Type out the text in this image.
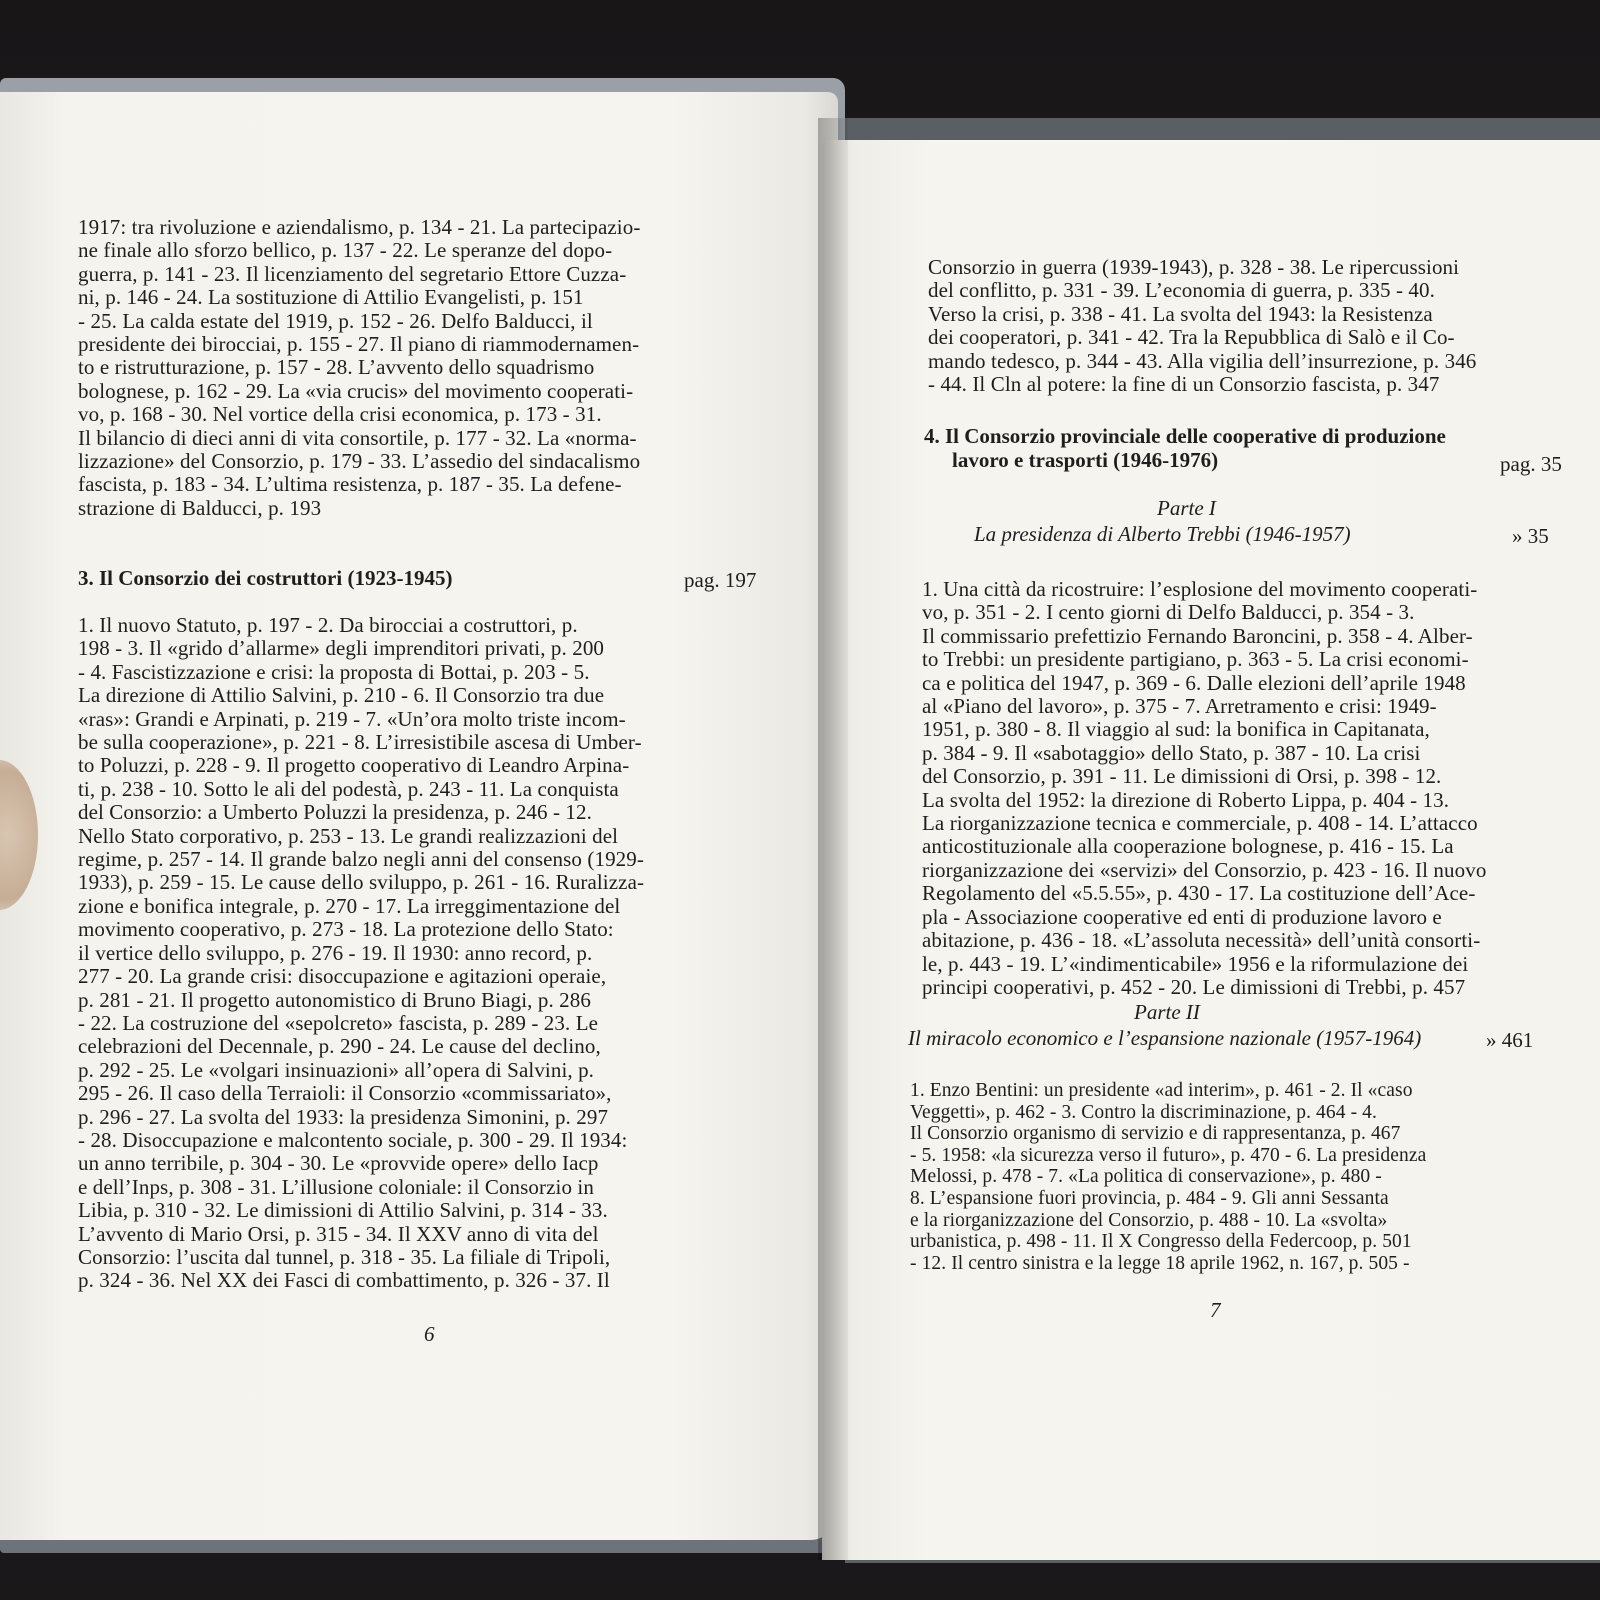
1917: tra rivoluzione e aziendalismo, p. 134 - 21. La partecipazio-
ne finale allo sforzo bellico, p. 137 - 22. Le speranze del dopo-
guerra, p. 141 - 23. Il licenziamento del segretario Ettore Cuzza-
ni, p. 146 - 24. La sostituzione di Attilio Evangelisti, p. 151
- 25. La calda estate del 1919, p. 152 - 26. Delfo Balducci, il
presidente dei birocciai, p. 155 - 27. Il piano di riammodernamen-
to e ristrutturazione, p. 157 - 28. L’avvento dello squadrismo
bolognese, p. 162 - 29. La «via crucis» del movimento cooperati-
vo, p. 168 - 30. Nel vortice della crisi economica, p. 173 - 31.
Il bilancio di dieci anni di vita consortile, p. 177 - 32. La «norma-
lizzazione» del Consorzio, p. 179 - 33. L’assedio del sindacalismo
fascista, p. 183 - 34. L’ultima resistenza, p. 187 - 35. La defene-
strazione di Balducci, p. 193
3. Il Consorzio dei costruttori (1923-1945)	pag. 197
1. Il nuovo Statuto, p. 197 - 2. Da birocciai a costruttori, p.
198 - 3. Il «grido d’allarme» degli imprenditori privati, p. 200
- 4. Fascistizzazione e crisi: la proposta di Bottai, p. 203 - 5.
La direzione di Attilio Salvini, p. 210 - 6. Il Consorzio tra due
«ras»: Grandi e Arpinati, p. 219 - 7. «Un’ora molto triste incom-
be sulla cooperazione», p. 221 - 8. L’irresistibile ascesa di Umber-
to Poluzzi, p. 228 - 9. Il progetto cooperativo di Leandro Arpina-
ti, p. 238 - 10. Sotto le ali del podestà, p. 243 - 11. La conquista
del Consorzio: a Umberto Poluzzi la presidenza, p. 246 - 12.
Nello Stato corporativo, p. 253 - 13. Le grandi realizzazioni del
regime, p. 257 - 14. Il grande balzo negli anni del consenso (1929-
1933), p. 259 - 15. Le cause dello sviluppo, p. 261 - 16. Ruralizza-
zione e bonifica integrale, p. 270 - 17. La irreggimentazione del
movimento cooperativo, p. 273 - 18. La protezione dello Stato:
il vertice dello sviluppo, p. 276 - 19. Il 1930: anno record, p.
277 - 20. La grande crisi: disoccupazione e agitazioni operaie,
p. 281 - 21. Il progetto autonomistico di Bruno Biagi, p. 286
- 22. La costruzione del «sepolcreto» fascista, p. 289 - 23. Le
celebrazioni del Decennale, p. 290 - 24. Le cause del declino,
p. 292 - 25. Le «volgari insinuazioni» all’opera di Salvini, p.
295 - 26. Il caso della Terraioli: il Consorzio «commissariato»,
p. 296 - 27. La svolta del 1933: la presidenza Simonini, p. 297
- 28. Disoccupazione e malcontento sociale, p. 300 - 29. Il 1934:
un anno terribile, p. 304 - 30. Le «provvide opere» dello Iacp
e dell’Inps, p. 308 - 31. L’illusione coloniale: il Consorzio in
Libia, p. 310 - 32. Le dimissioni di Attilio Salvini, p. 314 - 33.
L’avvento di Mario Orsi, p. 315 - 34. Il XXV anno di vita del
Consorzio: l’uscita dal tunnel, p. 318 - 35. La filiale di Tripoli,
p. 324 - 36. Nel XX dei Fasci di combattimento, p. 326 - 37. Il
6
Consorzio in guerra (1939-1943), p. 328 - 38. Le ripercussioni
del conflitto, p. 331 - 39. L’economia di guerra, p. 335 - 40.
Verso la crisi, p. 338 - 41. La svolta del 1943: la Resistenza
dei cooperatori, p. 341 - 42. Tra la Repubblica di Salò e il Co-
mando tedesco, p. 344 - 43. Alla vigilia dell’insurrezione, p. 346
- 44. Il Cln al potere: la fine di un Consorzio fascista, p. 347
4. Il Consorzio provinciale delle cooperative di produzione
lavoro e trasporti (1946-1976)	pag. 35
Parte I
La presidenza di Alberto Trebbi (1946-1957)	» 35
1. Una città da ricostruire: l’esplosione del movimento cooperati-
vo, p. 351 - 2. I cento giorni di Delfo Balducci, p. 354 - 3.
Il commissario prefettizio Fernando Baroncini, p. 358 - 4. Alber-
to Trebbi: un presidente partigiano, p. 363 - 5. La crisi economi-
ca e politica del 1947, p. 369 - 6. Dalle elezioni dell’aprile 1948
al «Piano del lavoro», p. 375 - 7. Arretramento e crisi: 1949-
1951, p. 380 - 8. Il viaggio al sud: la bonifica in Capitanata,
p. 384 - 9. Il «sabotaggio» dello Stato, p. 387 - 10. La crisi
del Consorzio, p. 391 - 11. Le dimissioni di Orsi, p. 398 - 12.
La svolta del 1952: la direzione di Roberto Lippa, p. 404 - 13.
La riorganizzazione tecnica e commerciale, p. 408 - 14. L’attacco
anticostituzionale alla cooperazione bolognese, p. 416 - 15. La
riorganizzazione dei «servizi» del Consorzio, p. 423 - 16. Il nuovo
Regolamento del «5.5.55», p. 430 - 17. La costituzione dell’Ace-
pla - Associazione cooperative ed enti di produzione lavoro e
abitazione, p. 436 - 18. «L’assoluta necessità» dell’unità consorti-
le, p. 443 - 19. L’«indimenticabile» 1956 e la riformulazione dei
principi cooperativi, p. 452 - 20. Le dimissioni di Trebbi, p. 457
Parte II
Il miracolo economico e l’espansione nazionale (1957-1964)	» 461
1. Enzo Bentini: un presidente «ad interim», p. 461 - 2. Il «caso
Veggetti», p. 462 - 3. Contro la discriminazione, p. 464 - 4.
Il Consorzio organismo di servizio e di rappresentanza, p. 467
- 5. 1958: «la sicurezza verso il futuro», p. 470 - 6. La presidenza
Melossi, p. 478 - 7. «La politica di conservazione», p. 480 -
8. L’espansione fuori provincia, p. 484 - 9. Gli anni Sessanta
e la riorganizzazione del Consorzio, p. 488 - 10. La «svolta»
urbanistica, p. 498 - 11. Il X Congresso della Federcoop, p. 501
- 12. Il centro sinistra e la legge 18 aprile 1962, n. 167, p. 505 -
7
